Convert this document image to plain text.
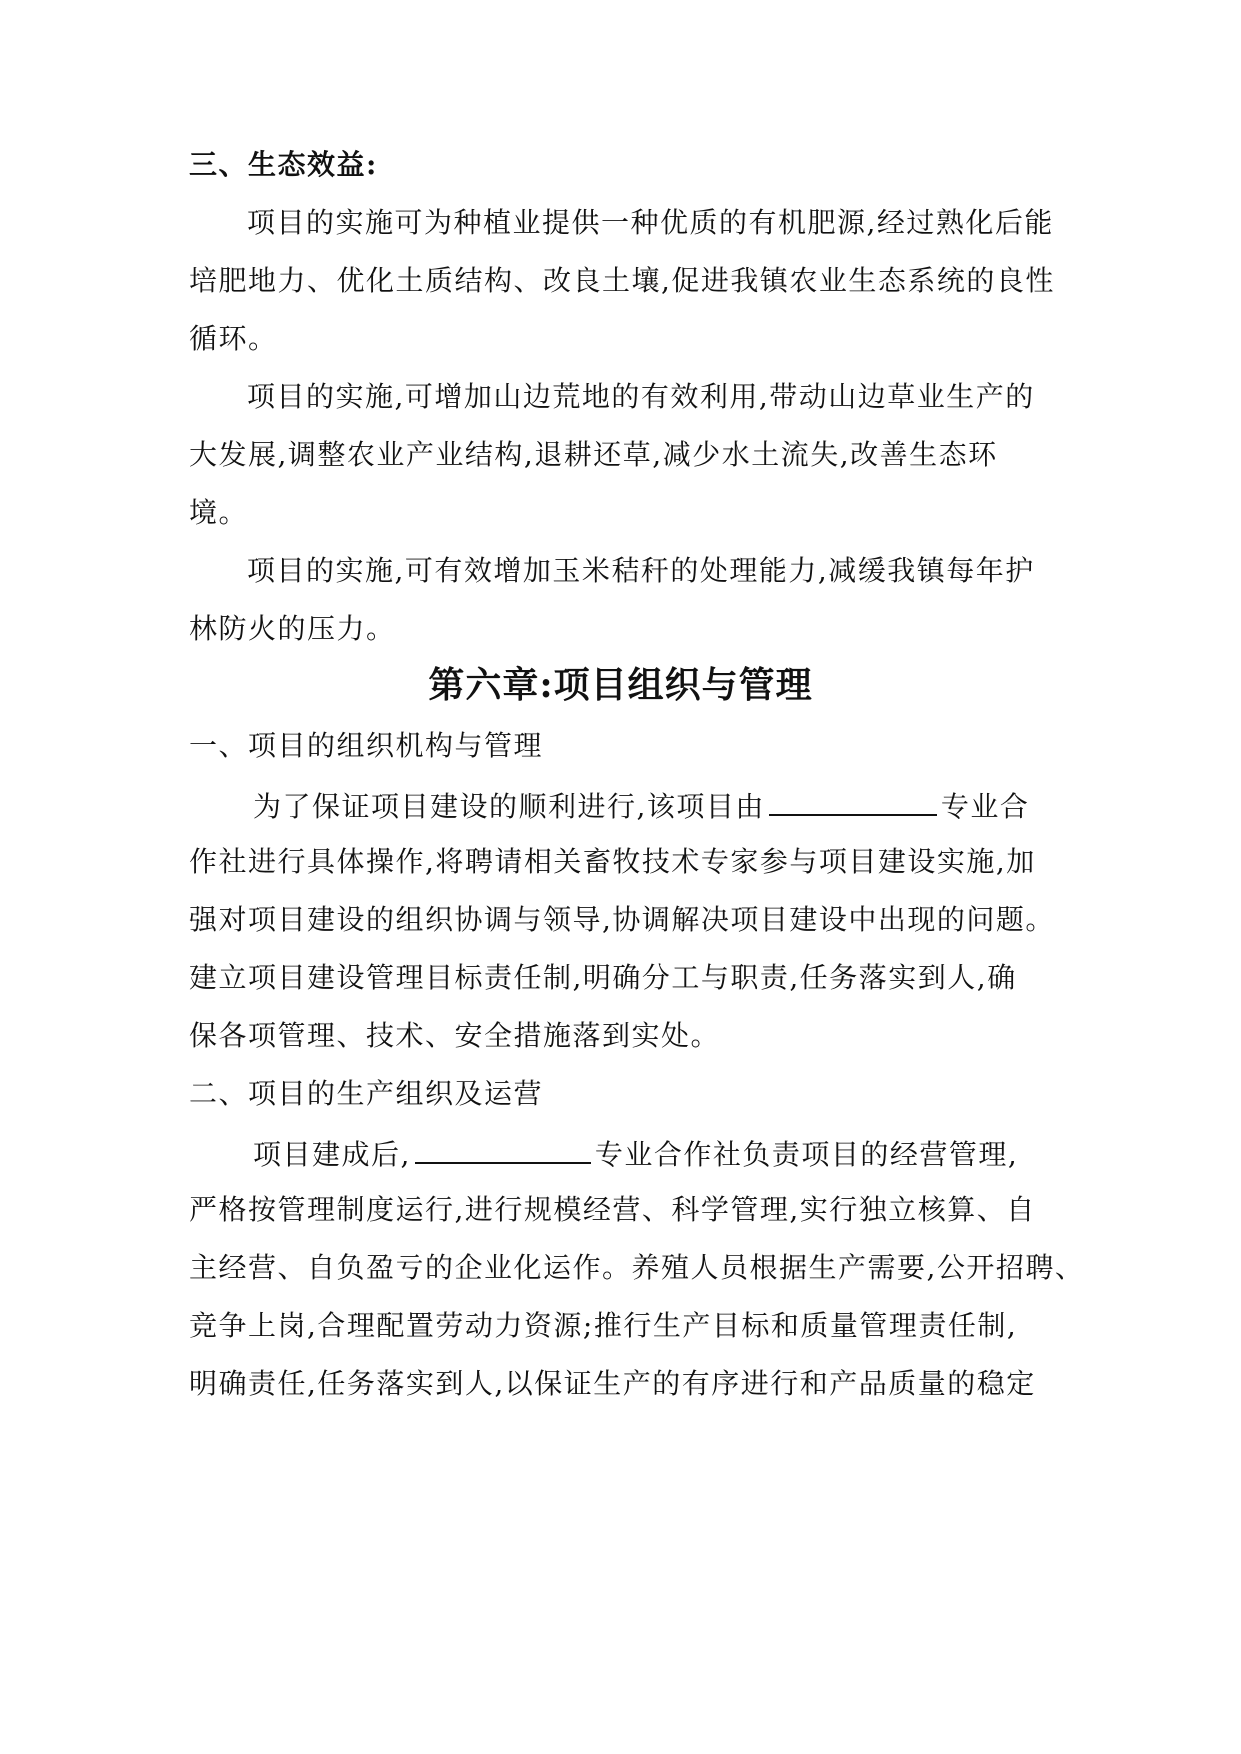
三、生态效益:
项目的实施可为种植业提供一种优质的有机肥源,经过熟化后能
培肥地力、优化土质结构、改良土壤,促进我镇农业生态系统的良性
循环。
项目的实施,可增加山边荒地的有效利用,带动山边草业生产的
大发展,调整农业产业结构,退耕还草,减少水土流失,改善生态环
境。
项目的实施,可有效增加玉米秸秆的处理能力,减缓我镇每年护
林防火的压力。
第六章:项目组织与管理
一、项目的组织机构与管理
为了保证项目建设的顺利进行,该项目由	专业合
作社进行具体操作,将聘请相关畜牧技术专家参与项目建设实施,加
强对项目建设的组织协调与领导,协调解决项目建设中出现的问题。
建立项目建设管理目标责任制,明确分工与职责,任务落实到人,确
保各项管理、技术、安全措施落到实处。
二、项目的生产组织及运营
项目建成后,	专业合作社负责项目的经营管理,
严格按管理制度运行,进行规模经营、科学管理,实行独立核算、自
主经营、自负盈亏的企业化运作。养殖人员根据生产需要,公开招聘、
竞争上岗,合理配置劳动力资源;推行生产目标和质量管理责任制,
明确责任,任务落实到人,以保证生产的有序进行和产品质量的稳定
